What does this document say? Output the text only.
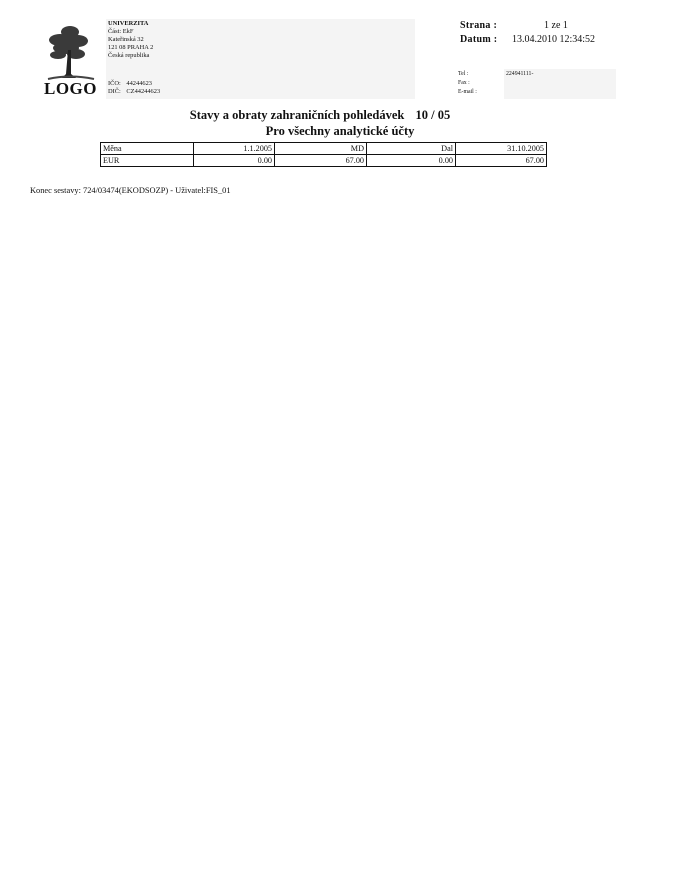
LOGO
UNIVERZITA
Část: EkF
Kateřinská 32
121 08 PRAHA 2
Česká republika
IČO: 44244623
DIČ: CZ44244623
Strana :	1 ze 1
Datum : 13.04.2010 12:34:52
Tel :	224941111-
Fax :
E-mail :
Stavy a obraty zahraničních pohledávek 10 / 05
Pro všechny analytické účty
Měna	1.1.2005	MD	Dal	31.10.2005
EUR	0.00	67.00	0.00	67.00
Konec sestavy: 724/03474(EKODSOZP) - Uživatel:FIS_01
